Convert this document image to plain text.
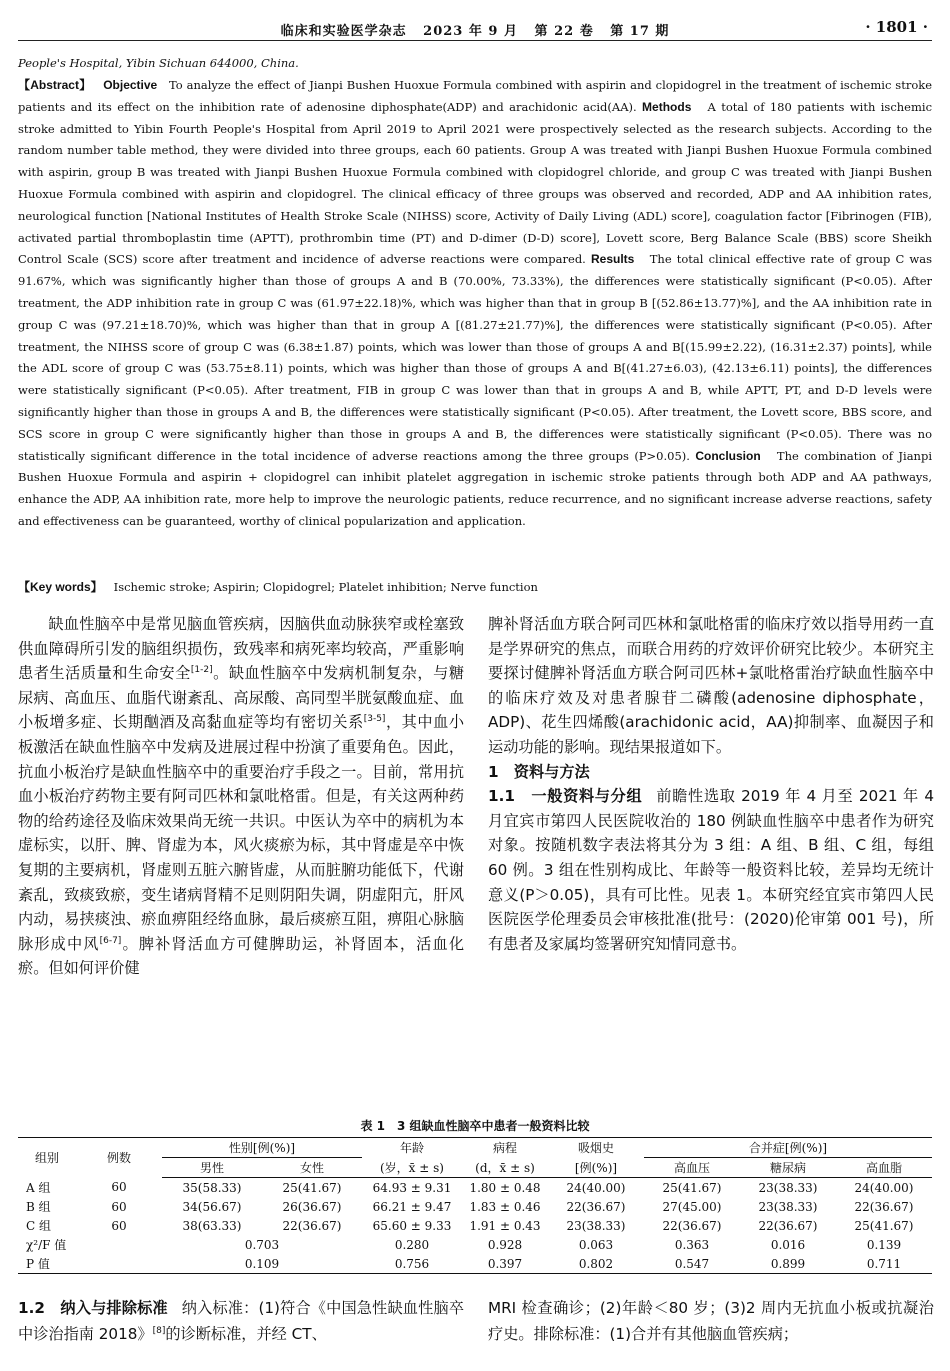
临床和实验医学杂志 2023 年 9 月 第 22 卷 第 17 期	· 1801 ·
People's Hospital, Yibin Sichuan 644000, China.
【Abstract】 Objective To analyze the effect of Jianpi Bushen Huoxue Formula combined with aspirin and clopidogrel in the treatment of ischemic stroke patients and its effect on the inhibition rate of adenosine diphosphate(ADP) and arachidonic acid(AA). Methods A total of 180 patients with ischemic stroke admitted to Yibin Fourth People's Hospital from April 2019 to April 2021 were prospectively selected as the research subjects. According to the random number table method, they were divided into three groups, each 60 patients. Group A was treated with Jianpi Bushen Huoxue Formula combined with aspirin, group B was treated with Jianpi Bushen Huoxue Formula combined with clopidogrel chloride, and group C was treated with Jianpi Bushen Huoxue Formula combined with aspirin and clopidogrel. The clinical efficacy of three groups was observed and recorded, ADP and AA inhibition rates, neurological function [National Institutes of Health Stroke Scale (NIHSS) score, Activity of Daily Living (ADL) score], coagulation factor [Fibrinogen (FIB), activated partial thromboplastin time (APTT), prothrombin time (PT) and D-dimer (D-D) score], Lovett score, Berg Balance Scale (BBS) score Sheikh Control Scale (SCS) score after treatment and incidence of adverse reactions were compared. Results The total clinical effective rate of group C was 91.67%, which was significantly higher than those of groups A and B (70.00%, 73.33%), the differences were statistically significant (P<0.05). After treatment, the ADP inhibition rate in group C was (61.97±22.18)%, which was higher than that in group B [(52.86±13.77)%], and the AA inhibition rate in group C was (97.21±18.70)%, which was higher than that in group A [(81.27±21.77)%], the differences were statistically significant (P<0.05). After treatment, the NIHSS score of group C was (6.38±1.87) points, which was lower than those of groups A and B[(15.99±2.22), (16.31±2.37) points], while the ADL score of group C was (53.75±8.11) points, which was higher than those of groups A and B[(41.27±6.03), (42.13±6.11) points], the differences were statistically significant (P<0.05). After treatment, FIB in group C was lower than that in groups A and B, while APTT, PT, and D-D levels were significantly higher than those in groups A and B, the differences were statistically significant (P<0.05). After treatment, the Lovett score, BBS score, and SCS score in group C were significantly higher than those in groups A and B, the differences were statistically significant (P<0.05). There was no statistically significant difference in the total incidence of adverse reactions among the three groups (P>0.05). Conclusion The combination of Jianpi Bushen Huoxue Formula and aspirin + clopidogrel can inhibit platelet aggregation in ischemic stroke patients through both ADP and AA pathways, enhance the ADP, AA inhibition rate, more help to improve the neurologic patients, reduce recurrence, and no significant increase adverse reactions, safety and effectiveness can be guaranteed, worthy of clinical popularization and application.
【Key words】 Ischemic stroke; Aspirin; Clopidogrel; Platelet inhibition; Nerve function

缺血性脑卒中是常见脑血管疾病，因脑供血动脉狭窄或栓塞致供血障碍所引发的脑组织损伤，致残率和病死率均较高，严重影响患者生活质量和生命安全[1-2]。缺血性脑卒中发病机制复杂，与糖尿病、高血压、血脂代谢紊乱、高尿酸、高同型半胱氨酸血症、血小板增多症、长期酗酒及高黏血症等均有密切关系[3-5]，其中血小板激活在缺血性脑卒中发病及进展过程中扮演了重要角色。因此，抗血小板治疗是缺血性脑卒中的重要治疗手段之一。目前，常用抗血小板治疗药物主要有阿司匹林和氯吡格雷。但是，有关这两种药物的给药途径及临床效果尚无统一共识。中医认为卒中的病机为本虚标实，以肝、脾、肾虚为本，风火痰瘀为标，其中肾虚是卒中恢复期的主要病机，肾虚则五脏六腑皆虚，从而脏腑功能低下，代谢紊乱，致痰致瘀，变生诸病肾精不足则阴阳失调，阴虚阳亢，肝风内动，易挟痰浊、瘀血痹阻经络血脉，最后痰瘀互阻，痹阻心脉脑脉形成中风[6-7]。脾补肾活血方可健脾助运，补肾固本，活血化瘀。但如何评价健

脾补肾活血方联合阿司匹林和氯吡格雷的临床疗效以指导用药一直是学界研究的焦点，而联合用药的疗效评价研究比较少。本研究主要探讨健脾补肾活血方联合阿司匹林+氯吡格雷治疗缺血性脑卒中的临床疗效及对患者腺苷二磷酸(adenosine diphosphate，ADP)、花生四烯酸(arachidonic acid，AA)抑制率、血凝因子和运动功能的影响。现结果报道如下。

1　资料与方法

1.1　一般资料与分组 前瞻性选取 2019 年 4 月至 2021 年 4 月宜宾市第四人民医院收治的 180 例缺血性脑卒中患者作为研究对象。按随机数字表法将其分为 3 组：A 组、B 组、C 组，每组 60 例。3 组在性别构成比、年龄等一般资料比较，差异均无统计意义(P＞0.05)，具有可比性。见表 1。本研究经宜宾市第四人民医院医学伦理委员会审核批准(批号：(2020)伦审第 001 号)，所有患者及家属均签署研究知情同意书。

表 1　3 组缺血性脑卒中患者一般资料比较
组别	例数	性别[例(%)]		年龄	病程	吸烟史	合并症[例(%)]		
		男性	女性	(岁，x̄ ± s)	(d，x̄ ± s)	[例(%)]	高血压	糖尿病	高血脂
A 组	60	35(58.33)	25(41.67)	64.93 ± 9.31	1.80 ± 0.48	24(40.00)	25(41.67)	23(38.33)	24(40.00)
B 组	60	34(56.67)	26(36.67)	66.21 ± 9.47	1.83 ± 0.46	22(36.67)	27(45.00)	23(38.33)	22(36.67)
C 组	60	38(63.33)	22(36.67)	65.60 ± 9.33	1.91 ± 0.43	23(38.33)	22(36.67)	22(36.67)	25(41.67)
χ²/F 值		0.703		0.280	0.928	0.063	0.363	0.016	0.139
P 值		0.109		0.756	0.397	0.802	0.547	0.899	0.711

1.2　纳入与排除标准 纳入标准：(1)符合《中国急性缺血性脑卒中诊治指南 2018》[8]的诊断标准，并经 CT、

MRI 检查确诊；(2)年龄＜80 岁；(3)2 周内无抗血小板或抗凝治疗史。排除标准：(1)合并有其他脑血管疾病；
